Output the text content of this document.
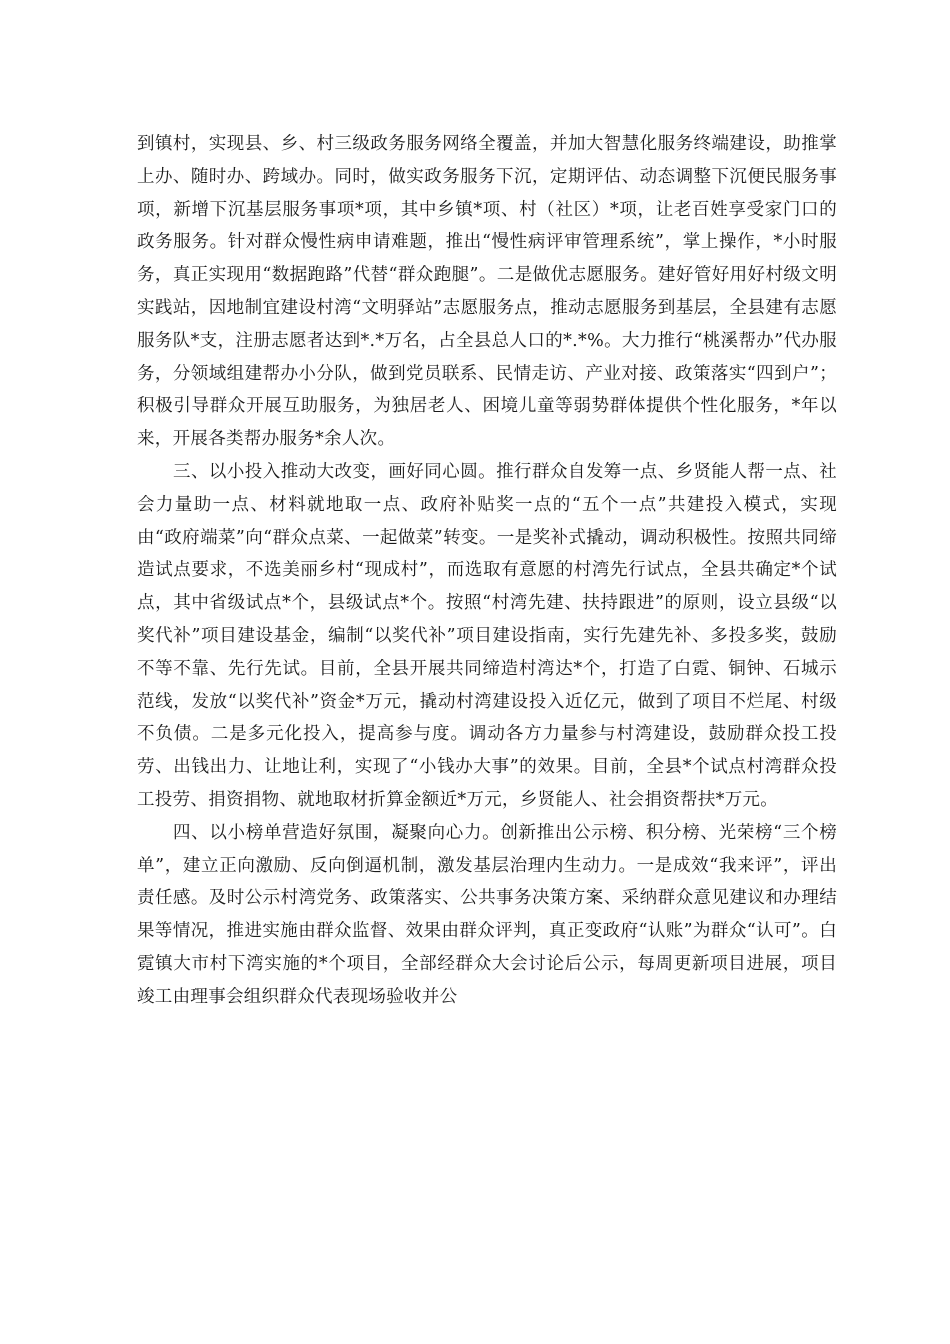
到镇村，实现县、乡、村三级政务服务网络全覆盖，并加大智慧化服务终端建设，助推掌上办、随时办、跨域办。同时，做实政务服务下沉，定期评估、动态调整下沉便民服务事项，新增下沉基层服务事项*项，其中乡镇*项、村（社区）*项，让老百姓享受家门口的政务服务。针对群众慢性病申请难题，推出“慢性病评审管理系统”，掌上操作，*小时服务，真正实现用“数据跑路”代替“群众跑腿”。二是做优志愿服务。建好管好用好村级文明实践站，因地制宜建设村湾“文明驿站”志愿服务点，推动志愿服务到基层，全县建有志愿服务队*支，注册志愿者达到*.*万名，占全县总人口的*.*%。大力推行“桃溪帮办”代办服务，分领域组建帮办小分队，做到党员联系、民情走访、产业对接、政策落实“四到户”；积极引导群众开展互助服务，为独居老人、困境儿童等弱势群体提供个性化服务，*年以来，开展各类帮办服务*余人次。

三、以小投入推动大改变，画好同心圆。推行群众自发筹一点、乡贤能人帮一点、社会力量助一点、材料就地取一点、政府补贴奖一点的“五个一点”共建投入模式，实现由“政府端菜”向“群众点菜、一起做菜”转变。一是奖补式撬动，调动积极性。按照共同缔造试点要求，不选美丽乡村“现成村”，而选取有意愿的村湾先行试点，全县共确定*个试点，其中省级试点*个，县级试点*个。按照“村湾先建、扶持跟进”的原则，设立县级“以奖代补”项目建设基金，编制“以奖代补”项目建设指南，实行先建先补、多投多奖，鼓励不等不靠、先行先试。目前，全县开展共同缔造村湾达*个，打造了白霓、铜钟、石城示范线，发放“以奖代补”资金*万元，撬动村湾建设投入近亿元，做到了项目不烂尾、村级不负债。二是多元化投入，提高参与度。调动各方力量参与村湾建设，鼓励群众投工投劳、出钱出力、让地让利，实现了“小钱办大事”的效果。目前，全县*个试点村湾群众投工投劳、捐资捐物、就地取材折算金额近*万元，乡贤能人、社会捐资帮扶*万元。

四、以小榜单营造好氛围，凝聚向心力。创新推出公示榜、积分榜、光荣榜“三个榜单”，建立正向激励、反向倒逼机制，激发基层治理内生动力。一是成效“我来评”，评出责任感。及时公示村湾党务、政策落实、公共事务决策方案、采纳群众意见建议和办理结果等情况，推进实施由群众监督、效果由群众评判，真正变政府“认账”为群众“认可”。白霓镇大市村下湾实施的*个项目，全部经群众大会讨论后公示，每周更新项目进展，项目竣工由理事会组织群众代表现场验收并公
